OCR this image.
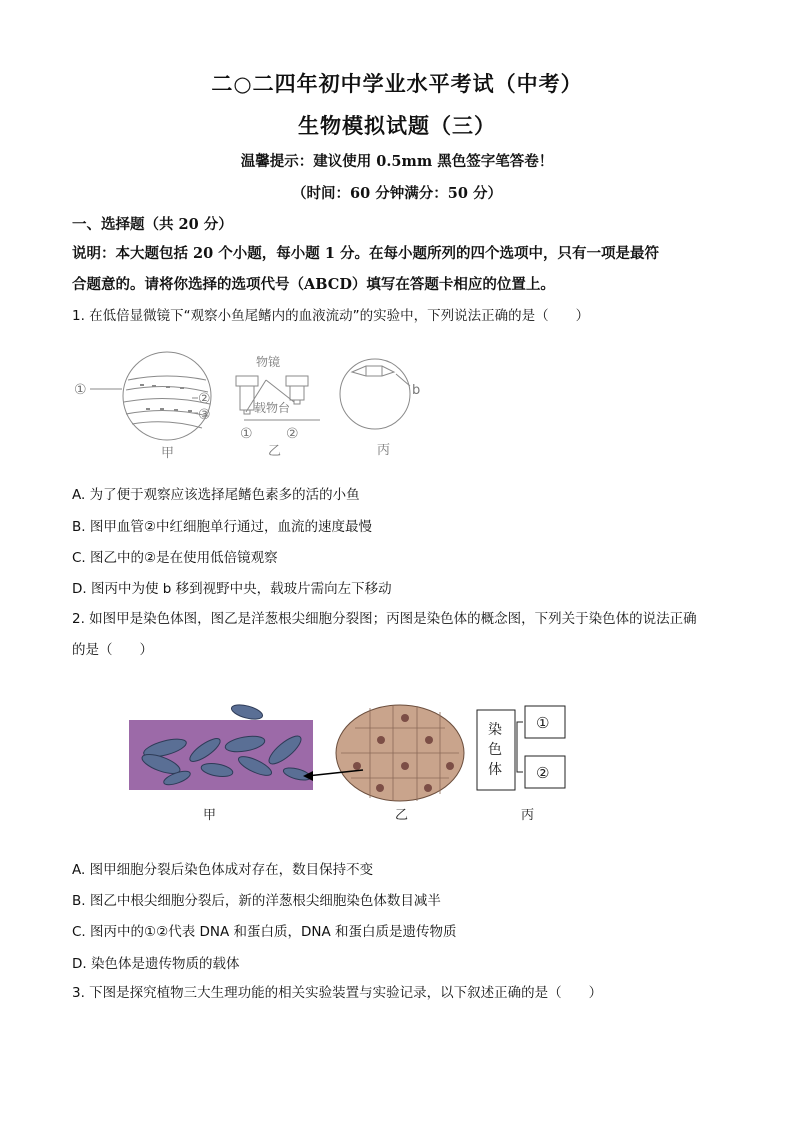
二○二四年初中学业水平考试（中考）
生物模拟试题（三）
温馨提示：建议使用 0.5mm 黑色签字笔答卷！
（时间：60 分钟满分：50 分）
一、选择题（共 20 分）
说明：本大题包括 20 个小题，每小题 1 分。在每小题所列的四个选项中，只有一项是最符
合题意的。请将你选择的选项代号（ABCD）填写在答题卡相应的位置上。
1. 在低倍显微镜下“观察小鱼尾鳍内的血液流动”的实验中，下列说法正确的是（　　）
①
②
③
甲
物镜
载物台
① ②
乙
b
丙
A. 为了便于观察应该选择尾鳍色素多的活的小鱼
B. 图甲血管②中红细胞单行通过，血流的速度最慢
C. 图乙中的②是在使用低倍镜观察
D. 图丙中为使 b 移到视野中央，载玻片需向左下移动
2. 如图甲是染色体图，图乙是洋葱根尖细胞分裂图；丙图是染色体的概念图，下列关于染色体的说法正确
的是（　　）
甲	乙
染
色
体
①
②
丙
A. 图甲细胞分裂后染色体成对存在，数目保持不变
B. 图乙中根尖细胞分裂后，新的洋葱根尖细胞染色体数目减半
C. 图丙中的①②代表 DNA 和蛋白质，DNA 和蛋白质是遗传物质
D. 染色体是遗传物质的载体
3. 下图是探究植物三大生理功能的相关实验装置与实验记录，以下叙述正确的是（　　）
